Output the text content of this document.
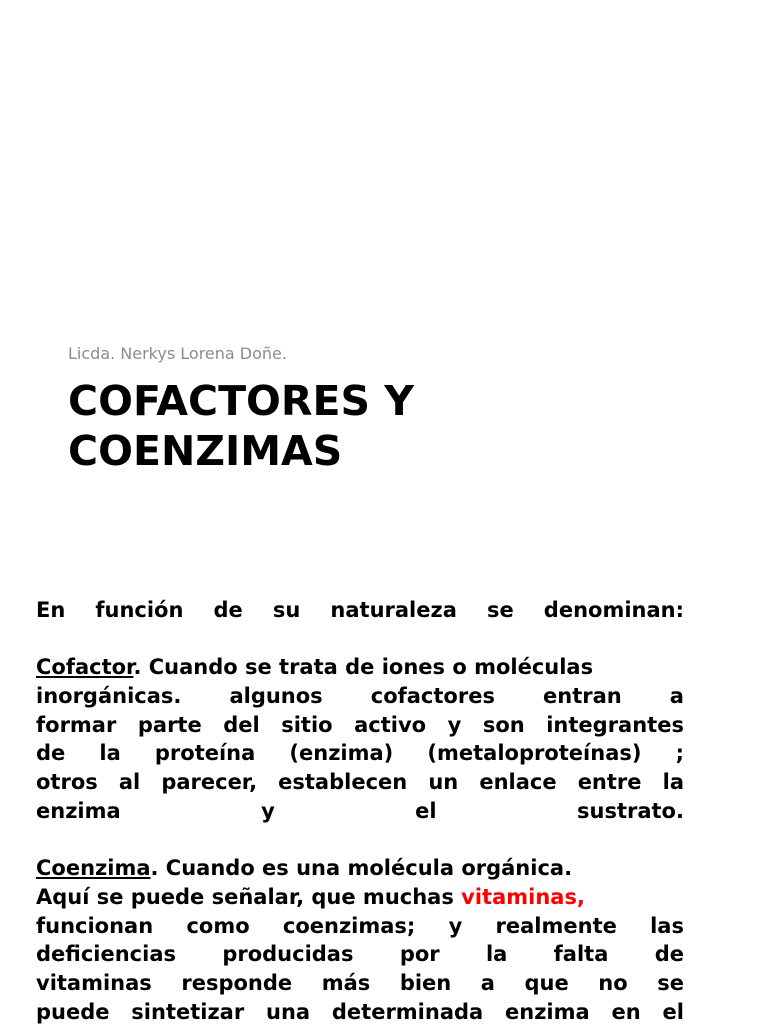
Licda. Nerkys Lorena Doñe.
COFACTORES Y
COENZIMAS
En función de su naturaleza se denominan:
Cofactor. Cuando se trata de iones o moléculas
inorgánicas. algunos cofactores entran a
formar parte del sitio activo y son integrantes
de la proteína (enzima) (metaloproteínas) ;
otros al parecer, establecen un enlace entre la
enzima	y	el	sustrato.
Coenzima. Cuando es una molécula orgánica.
Aquí se puede señalar, que muchas vitaminas,
funcionan como coenzimas; y realmente las
deficiencias producidas por la falta de
vitaminas responde más bien a que no se
puede sintetizar una determinada enzima en el
